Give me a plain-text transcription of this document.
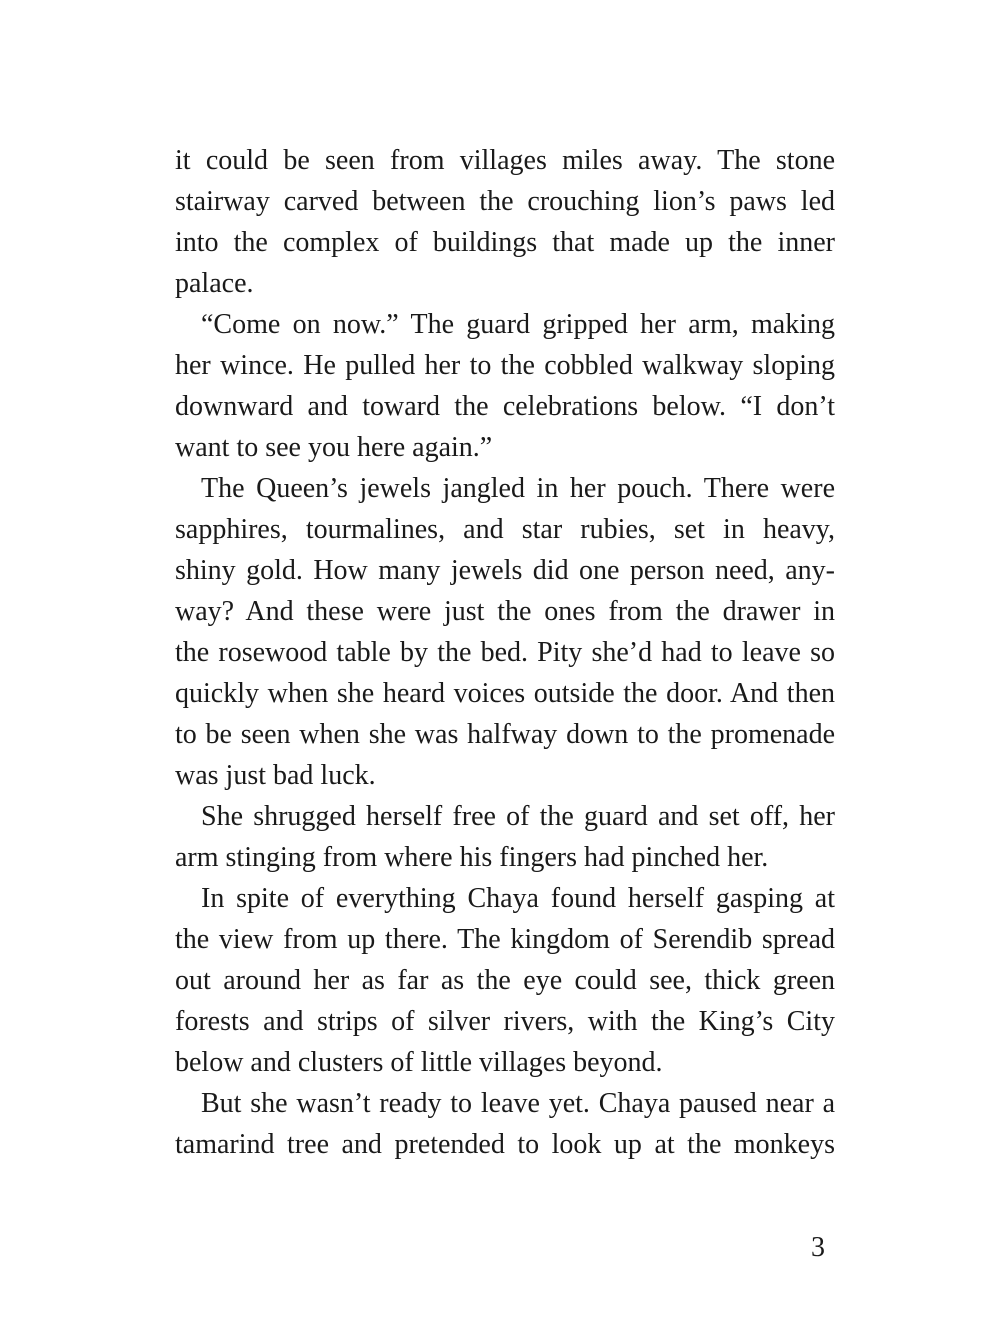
it could be seen from villages miles away. The stone
stairway carved between the crouching lion’s paws led
into the complex of buildings that made up the inner
palace.
“Come on now.” The guard gripped her arm, making
her wince. He pulled her to the cobbled walkway sloping
downward and toward the celebrations below. “I don’t
want to see you here again.”
The Queen’s jewels jangled in her pouch. There were
sapphires, tourmalines, and star rubies, set in heavy,
shiny gold. How many jewels did one person need, any-
way? And these were just the ones from the drawer in
the rosewood table by the bed. Pity she’d had to leave so
quickly when she heard voices outside the door. And then
to be seen when she was halfway down to the promenade
was just bad luck.
She shrugged herself free of the guard and set off, her
arm stinging from where his fingers had pinched her.
In spite of everything Chaya found herself gasping at
the view from up there. The kingdom of Serendib spread
out around her as far as the eye could see, thick green
forests and strips of silver rivers, with the King’s City
below and clusters of little villages beyond.
But she wasn’t ready to leave yet. Chaya paused near a
tamarind tree and pretended to look up at the monkeys
3
